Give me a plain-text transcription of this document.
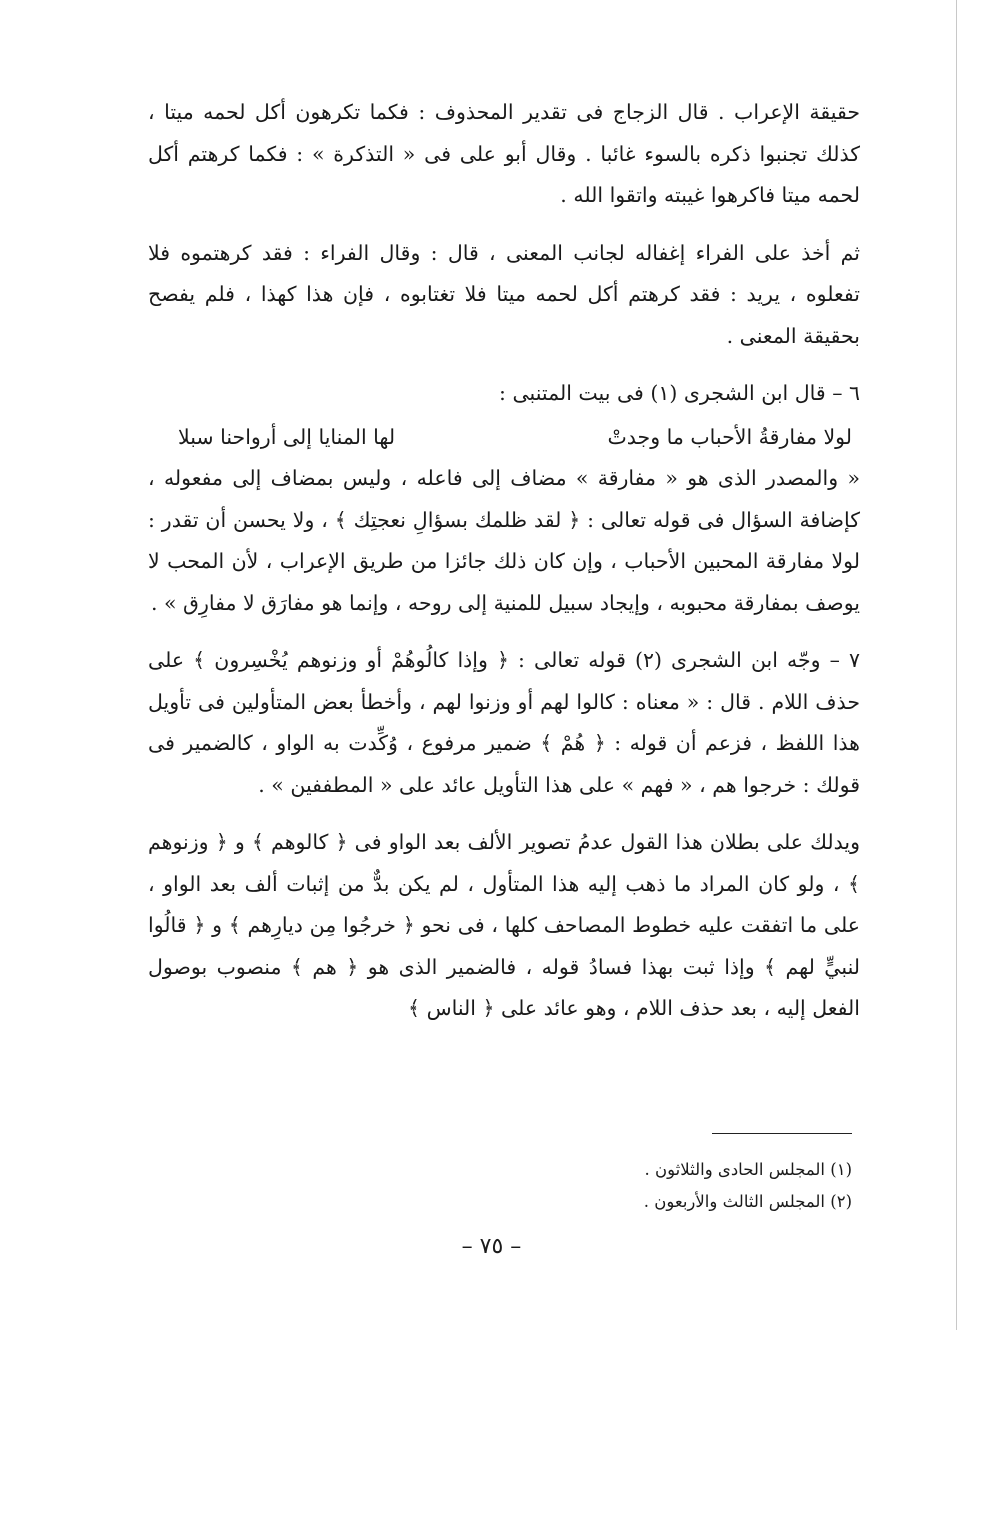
حقيقة الإعراب . قال الزجاج فى تقدير المحذوف : فكما تكرهون أكل لحمه ميتا ، كذلك تجنبوا ذكره بالسوء غائبا . وقال أبو على فى « التذكرة » : فكما كرهتم أكل لحمه ميتا فاكرهوا غيبته واتقوا الله .

ثم أخذ على الفراء إغفاله لجانب المعنى ، قال : وقال الفراء : فقد كرهتموه فلا تفعلوه ، يريد : فقد كرهتم أكل لحمه ميتا فلا تغتابوه ، فإن هذا كهذا ، فلم يفصح بحقيقة المعنى .

٦ – قال ابن الشجرى (١) فى بيت المتنبى :

لولا مفارقةُ الأحباب ما وجدتْ
لها المنايا إلى أرواحنا سبلا

« والمصدر الذى هو « مفارقة » مضاف إلى فاعله ، وليس بمضاف إلى مفعوله ، كإضافة السؤال فى قوله تعالى : ﴿ لقد ظلمك بسؤالِ نعجتِك ﴾ ، ولا يحسن أن تقدر : لولا مفارقة المحبين الأحباب ، وإن كان ذلك جائزا من طريق الإعراب ، لأن المحب لا يوصف بمفارقة محبوبه ، وإيجاد سبيل للمنية إلى روحه ، وإنما هو مفارَق لا مفارِق » .

٧ – وجّه ابن الشجرى (٢) قوله تعالى : ﴿ وإذا كالُوهُمْ أو وزنوهم يُخْسِرون ﴾ على حذف اللام . قال : « معناه : كالوا لهم أو وزنوا لهم ، وأخطأ بعض المتأولين فى تأويل هذا اللفظ ، فزعم أن قوله : ﴿ هُمْ ﴾ ضمير مرفوع ، وُكِّدت به الواو ، كالضمير فى قولك : خرجوا هم ، « فهم » على هذا التأويل عائد على « المطففين » .

ويدلك على بطلان هذا القول عدمُ تصوير الألف بعد الواو فى ﴿ كالوهم ﴾ و ﴿ وزنوهم ﴾ ، ولو كان المراد ما ذهب إليه هذا المتأول ، لم يكن بدٌّ من إثبات ألف بعد الواو ، على ما اتفقت عليه خطوط المصاحف كلها ، فى نحو ﴿ خرجُوا مِن ديارِهم ﴾ و ﴿ قالُوا لنبيٍّ لهم ﴾ وإذا ثبت بهذا فسادُ قوله ، فالضمير الذى هو ﴿ هم ﴾ منصوب بوصول الفعل إليه ، بعد حذف اللام ، وهو عائد على ﴿ الناس ﴾

(١) المجلس الحادى والثلاثون .
(٢) المجلس الثالث والأربعون .
– ٧٥ –
